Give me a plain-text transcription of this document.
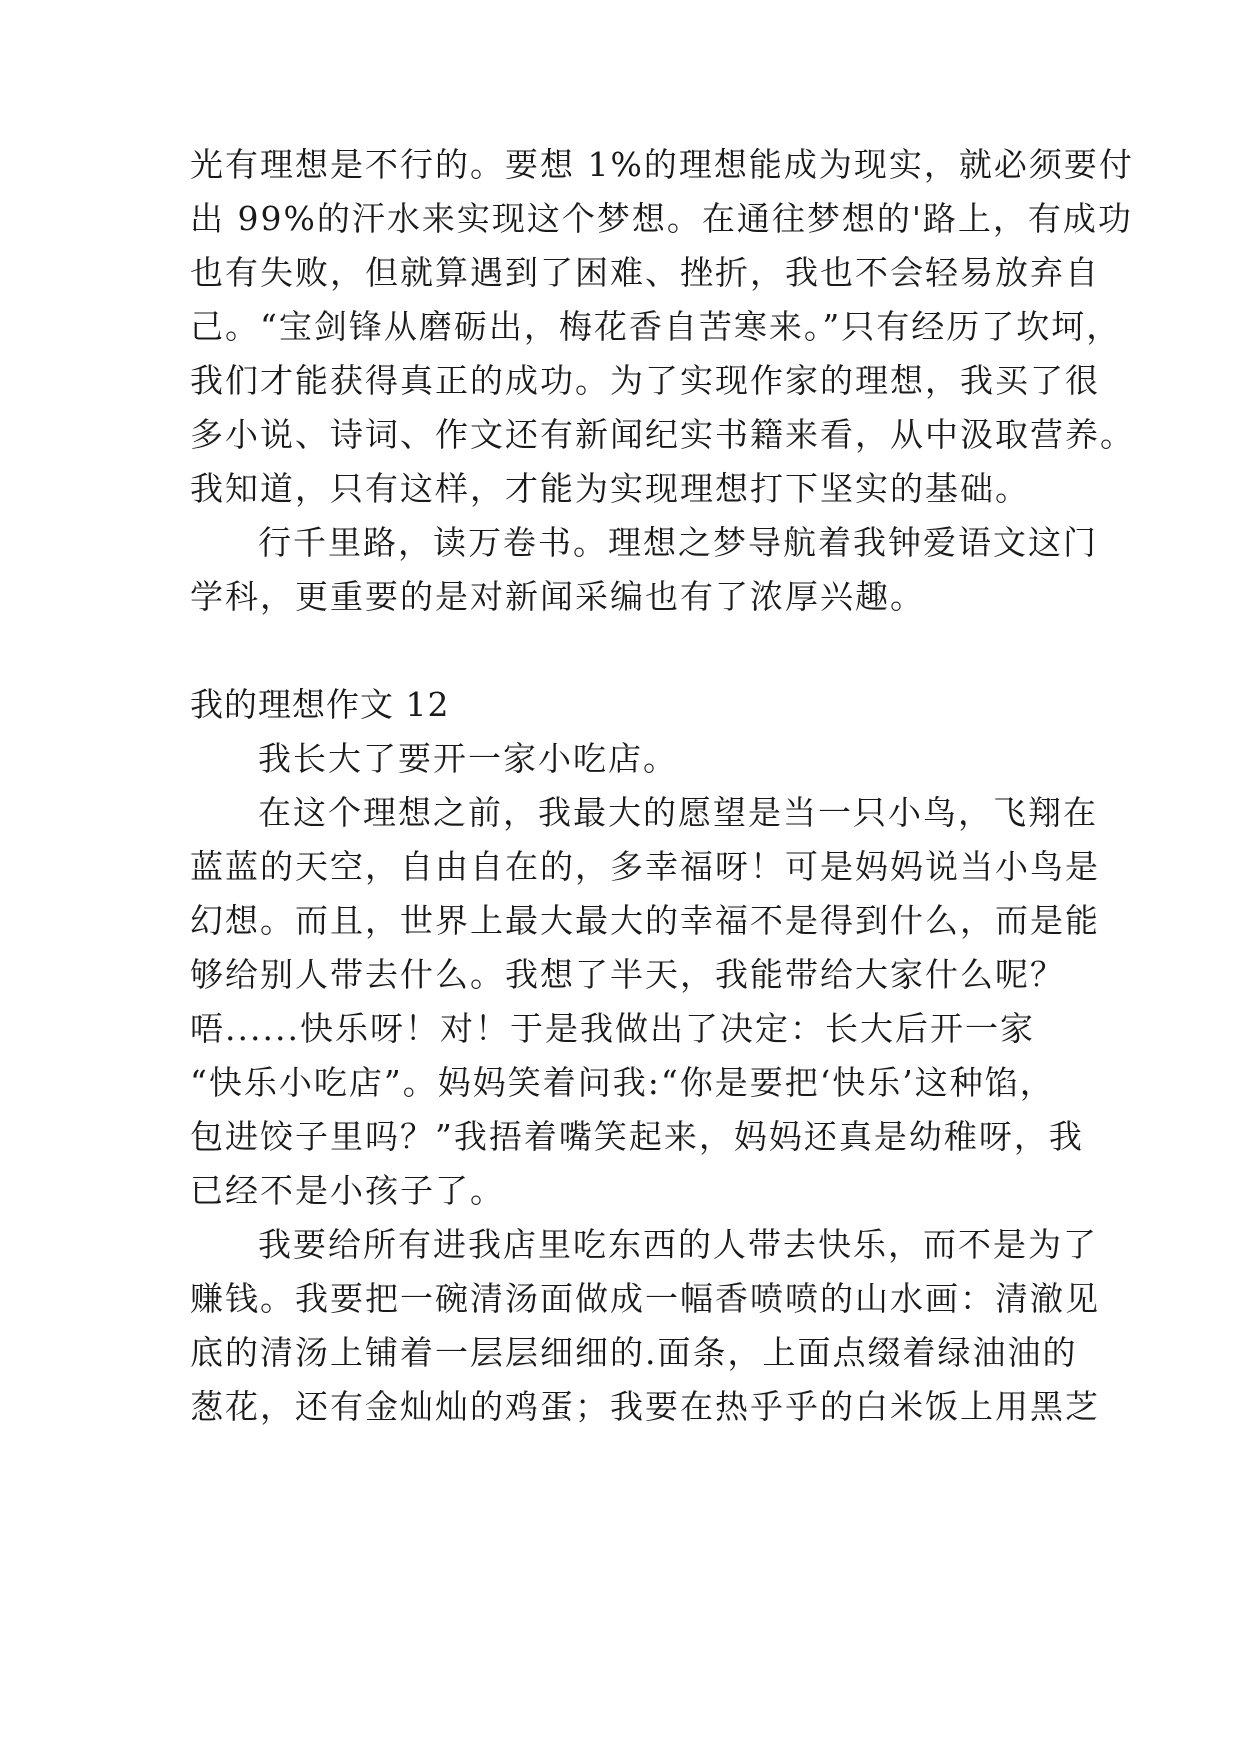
光有理想是不行的。要想 1%的理想能成为现实，就必须要付
出 99%的汗水来实现这个梦想。在通往梦想的'路上，有成功
也有失败，但就算遇到了困难、挫折，我也不会轻易放弃自
己。“宝剑锋从磨砺出，梅花香自苦寒来。”只有经历了坎坷，
我们才能获得真正的成功。为了实现作家的理想，我买了很
多小说、诗词、作文还有新闻纪实书籍来看，从中汲取营养。
我知道，只有这样，才能为实现理想打下坚实的基础。
行千里路，读万卷书。理想之梦导航着我钟爱语文这门
学科，更重要的是对新闻采编也有了浓厚兴趣。
我的理想作文 12
我长大了要开一家小吃店。
在这个理想之前，我最大的愿望是当一只小鸟，飞翔在
蓝蓝的天空，自由自在的，多幸福呀！可是妈妈说当小鸟是
幻想。而且，世界上最大最大的幸福不是得到什么，而是能
够给别人带去什么。我想了半天，我能带给大家什么呢？
唔......快乐呀！对！于是我做出了决定：长大后开一家
“快乐小吃店”。妈妈笑着问我:“你是要把‘快乐’这种馅，
包进饺子里吗？”我捂着嘴笑起来，妈妈还真是幼稚呀，我
已经不是小孩子了。
我要给所有进我店里吃东西的人带去快乐，而不是为了
赚钱。我要把一碗清汤面做成一幅香喷喷的山水画：清澈见
底的清汤上铺着一层层细细的.面条，上面点缀着绿油油的
葱花，还有金灿灿的鸡蛋；我要在热乎乎的白米饭上用黑芝
